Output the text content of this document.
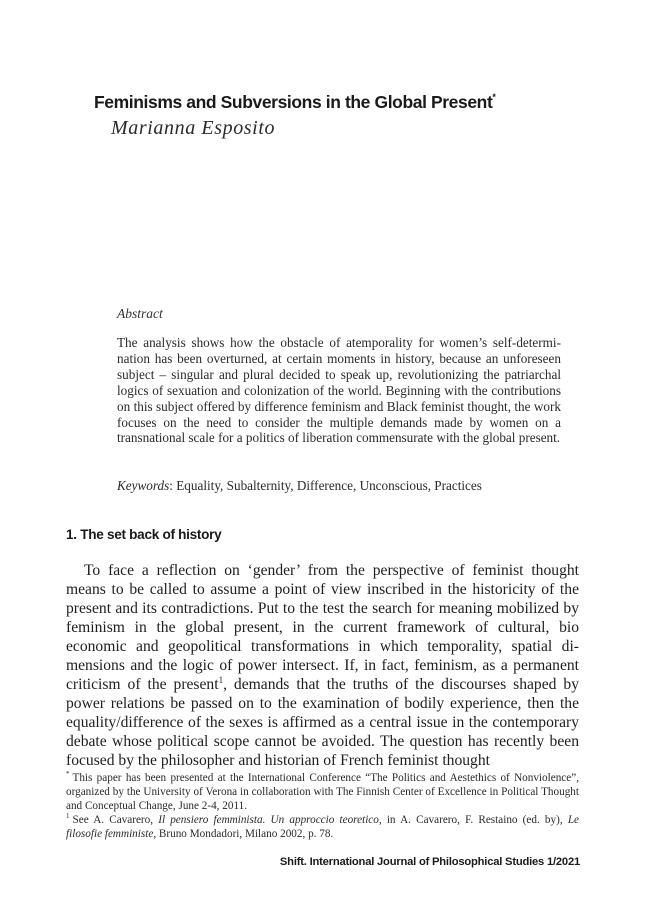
Feminisms and Subversions in the Global Present*
Marianna Esposito
Abstract
The analysis shows how the obstacle of atemporality for women’s self-determination has been overturned, at certain moments in history, because an unforeseen subject – singular and plural decided to speak up, revolutionizing the patriarchal logics of sexuation and colonization of the world. Beginning with the contributions on this subject offered by difference feminism and Black feminist thought, the work focuses on the need to consider the multiple demands made by women on a transnational scale for a politics of liberation commensurate with the global present.
Keywords: Equality, Subalternity, Difference, Unconscious, Practices
1. The set back of history
To face a reflection on ‘gender’ from the perspective of feminist thought means to be called to assume a point of view inscribed in the historicity of the present and its contradictions. Put to the test the search for meaning mobilized by feminism in the global present, in the current framework of cultural, bio economic and geopolitical transformations in which temporality, spatial dimensions and the logic of power intersect. If, in fact, feminism, as a permanent criticism of the present$^1$, demands that the truths of the discourses shaped by power relations be passed on to the examination of bodily experience, then the equality/difference of the sexes is affirmed as a central issue in the contemporary debate whose political scope cannot be avoided. The question has recently been focused by the philosopher and historian of French feminist thought

* This paper has been presented at the International Conference “The Politics and Aestethics of Nonviolence”, organized by the University of Verona in collaboration with The Finnish Center of Excellence in Political Thought and Conceptual Change, June 2-4, 2011.

$^1$ See A. Cavarero, Il pensiero femminista. Un approccio teoretico, in A. Cavarero, F. Restaino (ed. by), Le filosofie femministe, Bruno Mondadori, Milano 2002, p. 78.

Shift. International Journal of Philosophical Studies 1/2021
